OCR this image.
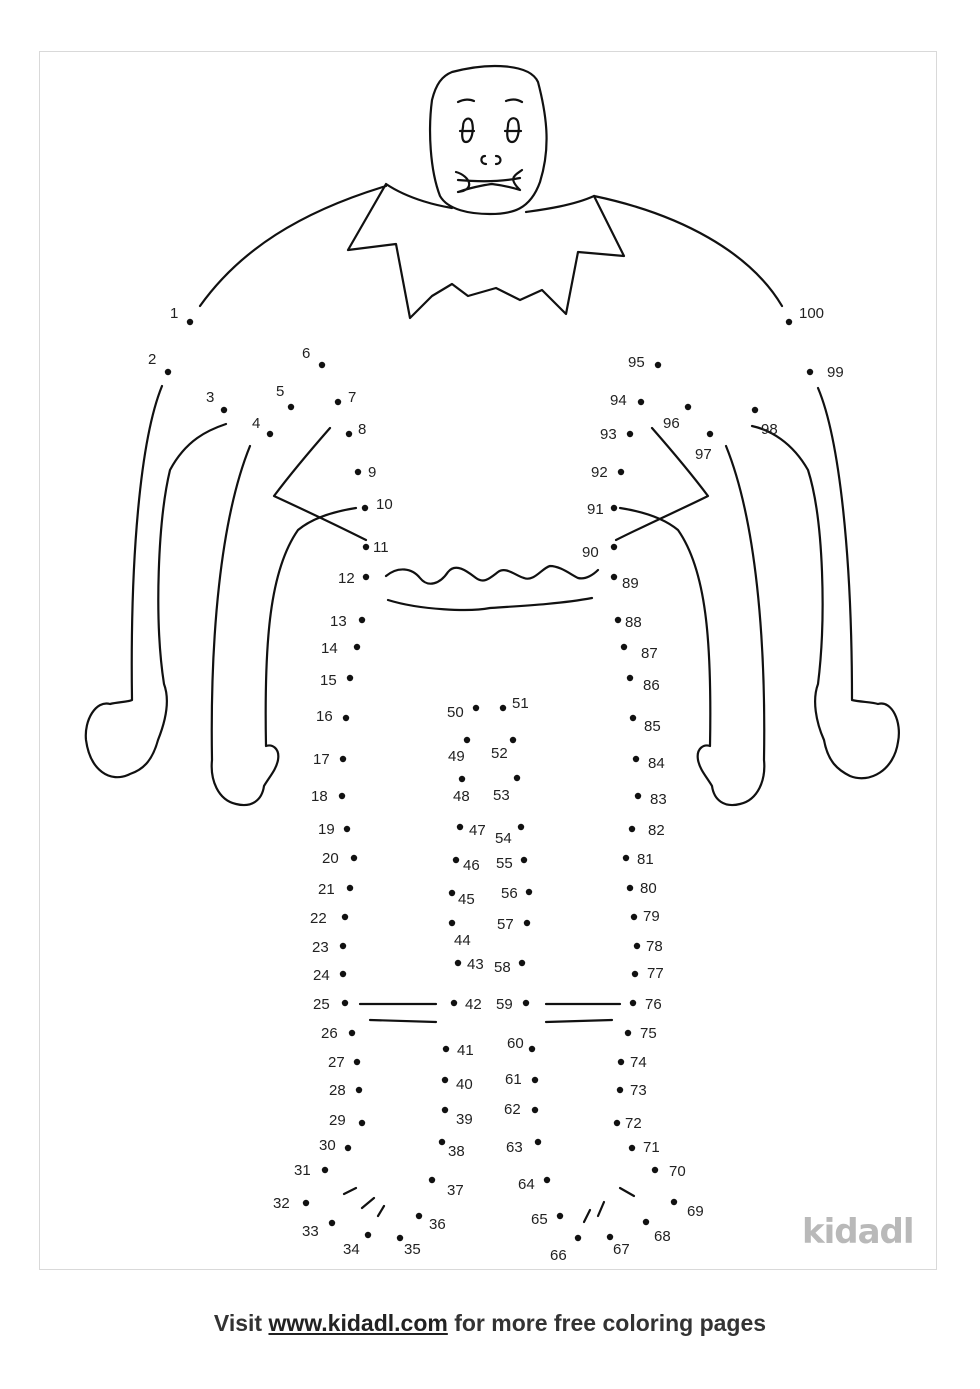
1
2
3
4
5
6
7
8
9
10
11
12
13
14
15
16
17
18
19
20
21
22
23
24
25
26
27
28
29
30
31
32
33
34	35
36
37
38
39
40
41
42
43
44
45
46
47
48
49
50
51
52
53
54
55
56
57
58
59
60
61
62
63
64
65
66	67
68
69
70
71
72
73
74
75
76
77
78
79
80
81
82
83
84
85
86
87
88
89
90
91
92
93
94
95
96
97
98
99
100
kidadl
Visit www.kidadl.com for more free coloring pages
